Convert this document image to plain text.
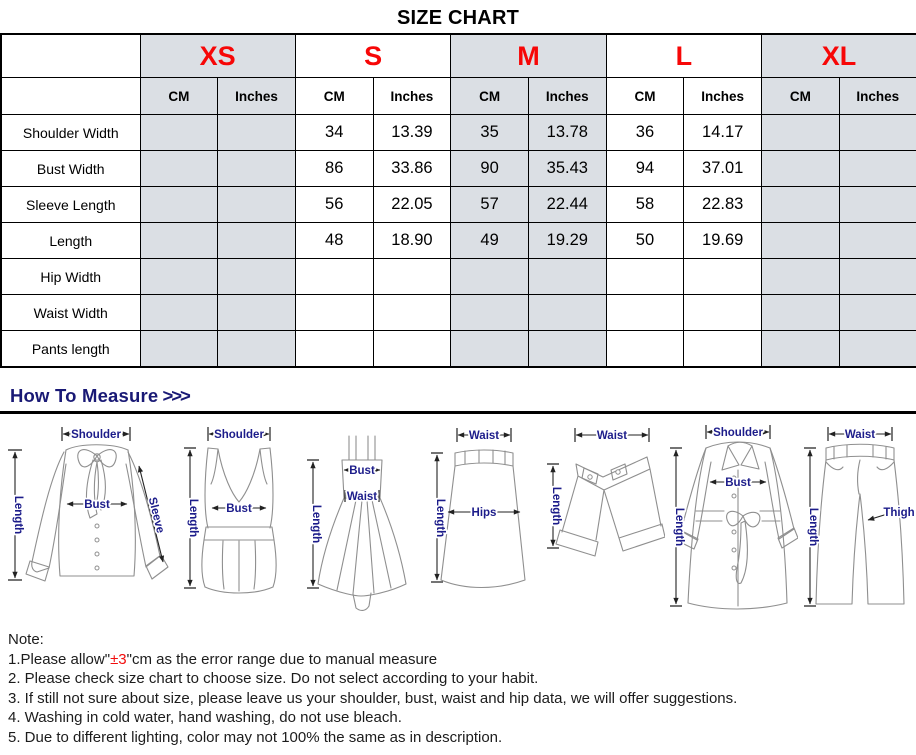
SIZE CHART
	XS		S		M		L		XL	
	CM	Inches	CM	Inches	CM	Inches	CM	Inches	CM	Inches
Shoulder Width			34	13.39	35	13.78	36	14.17		
Bust Width			86	33.86	90	35.43	94	37.01		
Sleeve Length			56	22.05	57	22.44	58	22.83		
Length			48	18.90	49	19.29	50	19.69		
Hip Width										
Waist Width										
Pants length										
How To Measure >>>
Shoulder
Length	Bust	Sleeve
Shoulder
Length Bust
Bust
Waist
Length
Waist
Length Hips
Waist
Length
Shoulder
Bust
Length
Waist
Length	Thigh
Note:
1.Please allow"±3"cm as the error range due to manual measure
2. Please check size chart to choose size. Do not select according to your habit.
3. If still not sure about size, please leave us your shoulder, bust, waist and hip data, we will offer suggestions.
4. Washing in cold water, hand washing, do not use bleach.
5. Due to different lighting, color may not 100% the same as in description.
